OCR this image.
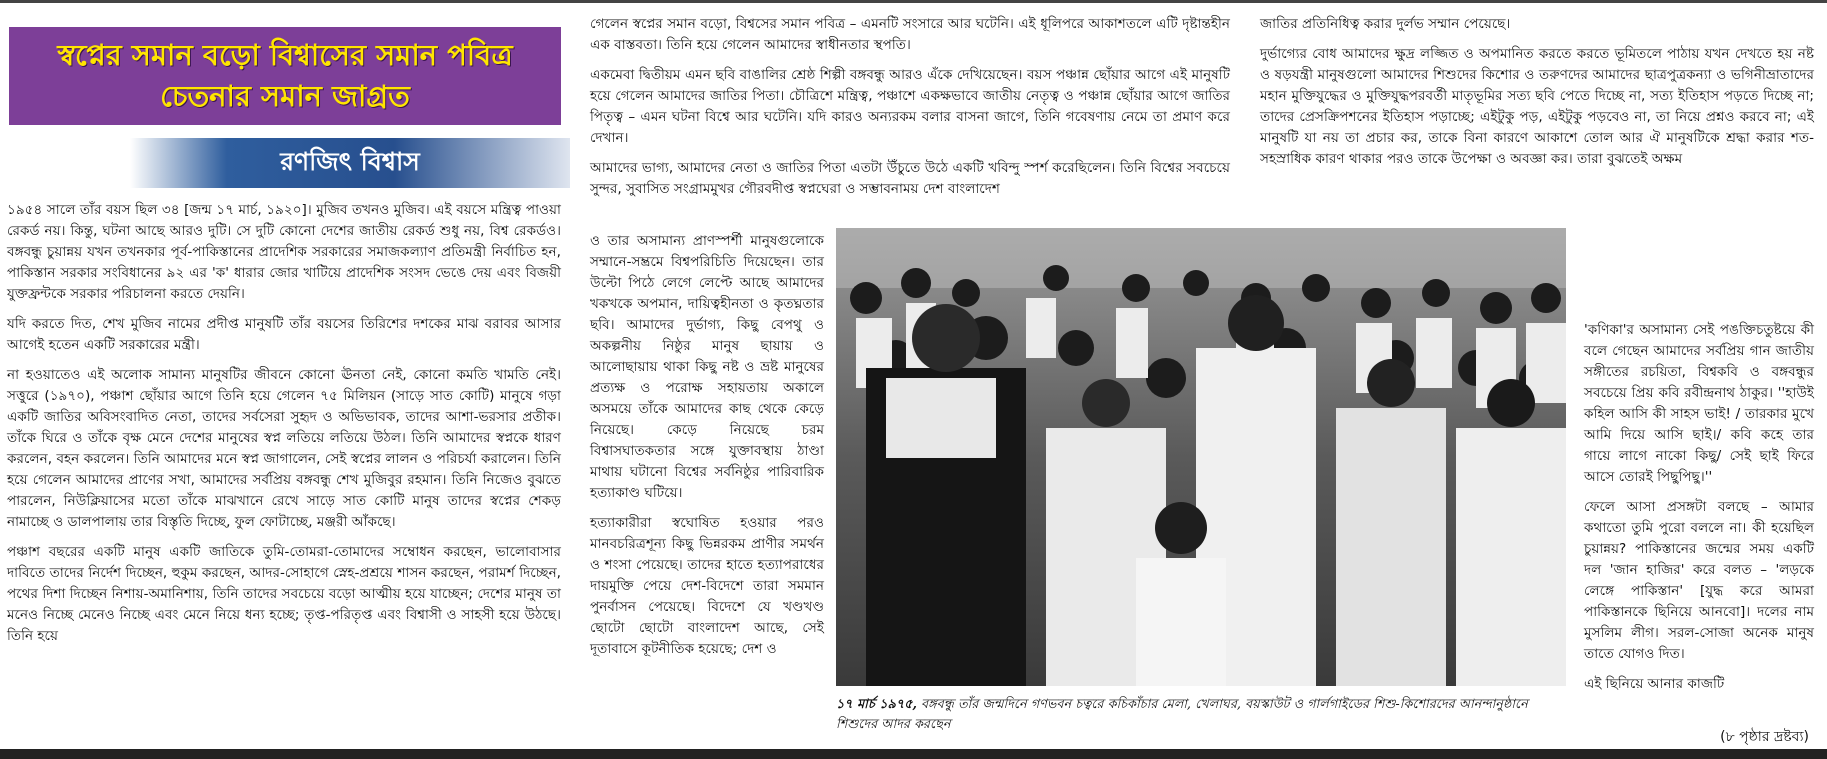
স্বপ্নের সমান বড়ো বিশ্বাসের সমান পবিত্র
চেতনার সমান জাগ্রত
রণজিৎ বিশ্বাস

১৯৫৪ সালে তাঁর বয়স ছিল ৩৪ [জন্ম ১৭ মার্চ, ১৯২০]। মুজিব তখনও মুজিব। এই বয়সে মন্ত্রিত্ব পাওয়া রেকর্ড নয়। কিন্তু, ঘটনা আছে আরও দুটি। সে দুটি কোনো দেশের জাতীয় রেকর্ড শুধু নয়, বিশ্ব রেকর্ডও। বঙ্গবন্ধু চুয়ান্নয় যখন তখনকার পূর্ব-পাকিস্তানের প্রাদেশিক সরকারের সমাজকল্যাণ প্রতিমন্ত্রী নির্বাচিত হন, পাকিস্তান সরকার সংবিধানের ৯২ এর 'ক' ধারার জোর খাটিয়ে প্রাদেশিক সংসদ ভেঙে দেয় এবং বিজয়ী যুক্তফ্রন্টকে সরকার পরিচালনা করতে দেয়নি।

যদি করতে দিত, শেখ মুজিব নামের প্রদীপ্ত মানুষটি তাঁর বয়সের তিরিশের দশকের মাঝ বরাবর আসার আগেই হতেন একটি সরকারের মন্ত্রী।

না হওয়াতেও এই অলোক সামান্য মানুষটির জীবনে কোনো ঊনতা নেই, কোনো কমতি খামতি নেই। সত্তুরে (১৯৭০), পঞ্চাশ ছোঁয়ার আগে তিনি হয়ে গেলেন ৭৫ মিলিয়ন (সাড়ে সাত কোটি) মানুষে গড়া একটি জাতির অবিসংবাদিত নেতা, তাদের সর্বসেরা সুহৃদ ও অভিভাবক, তাদের আশা-ভরসার প্রতীক। তাঁকে ঘিরে ও তাঁকে বৃক্ষ মেনে দেশের মানুষের স্বপ্ন লতিয়ে লতিয়ে উঠল। তিনি আমাদের স্বপ্নকে ধারণ করলেন, বহন করলেন। তিনি আমাদের মনে স্বপ্ন জাগালেন, সেই স্বপ্নের লালন ও পরিচর্যা করালেন। তিনি হয়ে গেলেন আমাদের প্রাণের সখা, আমাদের সর্বপ্রিয় বঙ্গবন্ধু শেখ মুজিবুর রহমান। তিনি নিজেও বুঝতে পারলেন, নিউক্লিয়াসের মতো তাঁকে মাঝখানে রেখে সাড়ে সাত কোটি মানুষ তাদের স্বপ্নের শেকড় নামাচ্ছে ও ডালপালায় তার বিস্তৃতি দিচ্ছে, ফুল ফোটাচ্ছে, মঞ্জরী আঁকছে।

পঞ্চাশ বছরের একটি মানুষ একটি জাতিকে তুমি-তোমরা-তোমাদের সম্বোধন করছেন, ভালোবাসার দাবিতে তাদের নির্দেশ দিচ্ছেন, হুকুম করছেন, আদর-সোহাগে স্নেহ-প্রশ্রয়ে শাসন করছেন, পরামর্শ দিচ্ছেন, পথের দিশা দিচ্ছেন নিশায়-অমানিশায়, তিনি তাদের সবচেয়ে বড়ো আত্মীয় হয়ে যাচ্ছেন; দেশের মানুষ তা মনেও নিচ্ছে মেনেও নিচ্ছে এবং মেনে নিয়ে ধন্য হচ্ছে; তৃপ্ত-পরিতৃপ্ত এবং বিশ্বাসী ও সাহসী হয়ে উঠছে। তিনি হয়ে

গেলেন স্বপ্নের সমান বড়ো, বিশ্বসের সমান পবিত্র – এমনটি সংসারে আর ঘটেনি। এই ধূলিপরে আকাশতলে এটি দৃষ্টান্তহীন এক বাস্তবতা। তিনি হয়ে গেলেন আমাদের স্বাধীনতার স্থপতি।

একমেবা দ্বিতীয়ম এমন ছবি বাঙালির শ্রেষ্ঠ শিল্পী বঙ্গবন্ধু আরও এঁকে দেখিয়েছেন। বয়স পঞ্চান্ন ছোঁয়ার আগে এই মানুষটি হয়ে গেলেন আমাদের জাতির পিতা। চৌত্রিশে মন্ত্রিত্ব, পঞ্চাশে একক্ষভাবে জাতীয় নেতৃত্ব ও পঞ্চান্ন ছোঁয়ার আগে জাতির পিতৃত্ব – এমন ঘটনা বিশ্বে আর ঘটেনি। যদি কারও অন্যরকম বলার বাসনা জাগে, তিনি গবেষণায় নেমে তা প্রমাণ করে দেখান।

আমাদের ভাগ্য, আমাদের নেতা ও জাতির পিতা এতটা উঁচুতে উঠে একটি খবিন্দু স্পর্শ করেছিলেন। তিনি বিশ্বের সবচেয়ে সুন্দর, সুবাসিত সংগ্রামমুখর গৌরবদীপ্ত স্বপ্নঘেরা ও সম্ভাবনাময় দেশ বাংলাদেশ

ও তার অসামান্য প্রাণস্পর্শী মানুষগুলোকে সম্মানে-সম্ভ্রমে বিশ্বপরিচিতি দিয়েছেন। তার উল্টো পিঠে লেগে লেপ্টে আছে আমাদের খকখকে অপমান, দায়িত্বহীনতা ও কৃতঘ্নতার ছবি। আমাদের দুর্ভাগ্য, কিছু বেপথু ও অকল্পনীয় নিষ্ঠুর মানুষ ছায়ায় ও আলোছায়ায় থাকা কিছু নষ্ট ও ভ্রষ্ট মানুষের প্রত্যক্ষ ও পরোক্ষ সহায়তায় অকালে অসময়ে তাঁকে আমাদের কাছ থেকে কেড়ে নিয়েছে। কেড়ে নিয়েছে চরম বিশ্বাসঘাতকতার সঙ্গে যুক্তাবস্থায় ঠাণ্ডা মাথায় ঘটানো বিশ্বের সর্বনিষ্ঠুর পারিবারিক হত্যাকাণ্ড ঘটিয়ে।

হত্যাকারীরা স্বঘোষিত হওয়ার পরও মানবচরিত্রশূন্য কিছু ভিন্নরকম প্রাণীর সমর্থন ও শংসা পেয়েছে। তাদের হাতে হত্যাপরাধের দায়মুক্তি পেয়ে দেশ-বিদেশে তারা সমমান পুনর্বাসন পেয়েছে। বিদেশে যে খণ্ডখণ্ড ছোটো ছোটো বাংলাদেশ আছে, সেই দূতাবাসে কূটনীতিক হয়েছে; দেশ ও

জাতির প্রতিনিধিত্ব করার দুর্লভ সম্মান পেয়েছে।

দুর্ভাগ্যের বোধ আমাদের ক্ষুদ্র লজ্জিত ও অপমানিত করতে করতে ভূমিতলে পাঠায় যখন দেখতে হয় নষ্ট ও ষড়যন্ত্রী মানুষগুলো আমাদের শিশুদের কিশোর ও তরুণদের আমাদের ছাত্রপুত্রকন্যা ও ভগিনীভ্রাতাদের মহান মুক্তিযুদ্ধের ও মুক্তিযুদ্ধপরবর্তী মাতৃভূমির সত্য ছবি পেতে দিচ্ছে না, সত্য ইতিহাস পড়তে দিচ্ছে না; তাদের প্রেসক্রিপশনের ইতিহাস পড়াচ্ছে; এইটুকু পড়, এইটুকু পড়বেও না, তা নিয়ে প্রশ্নও করবে না; এই মানুষটি যা নয় তা প্রচার কর, তাকে বিনা কারণে আকাশে তোল আর ঐ মানুষটিকে শ্রদ্ধা করার শত-সহস্রাধিক কারণ থাকার পরও তাকে উপেক্ষা ও অবজ্ঞা কর। তারা বুঝতেই অক্ষম

'কণিকা'র অসামান্য সেই পঙক্তিচতুষ্টয়ে কী বলে গেছেন আমাদের সর্বপ্রিয় গান জাতীয় সঙ্গীতের রচয়িতা, বিশ্বকবি ও বঙ্গবন্ধুর সবচেয়ে প্রিয় কবি রবীন্দ্রনাথ ঠাকুর। ''হাউই কহিল আসি কী সাহস ভাই! / তারকার মুখে আমি দিয়ে আসি ছাই।/ কবি কহে তার গায়ে লাগে নাকো কিছু/ সেই ছাই ফিরে আসে তোরই পিছুপিছু।''

ফেলে আসা প্রসঙ্গটা বলছে – আমার কথাতো তুমি পুরো বললে না। কী হয়েছিল চুয়ান্নয়? পাকিস্তানের জন্মের সময় একটি দল 'জান হাজির' করে বলত – 'লড়কে লেঙ্গে পাকিস্তান' [যুদ্ধ করে আমরা পাকিস্তানকে ছিনিয়ে আনবো]। দলের নাম মুসলিম লীগ। সরল-সোজা অনেক মানুষ তাতে যোগও দিত।

এই ছিনিয়ে আনার কাজটি

১৭ মার্চ ১৯৭৫, বঙ্গবন্ধু তাঁর জন্মদিনে গণভবন চত্বরে কচিকাঁচার মেলা, খেলাঘর, বয়স্কাউট ও গার্লগাইডের শিশু-কিশোরদের আনন্দানুষ্ঠানে শিশুদের আদর করছেন
(৮ পৃষ্ঠার দ্রষ্টব্য)
